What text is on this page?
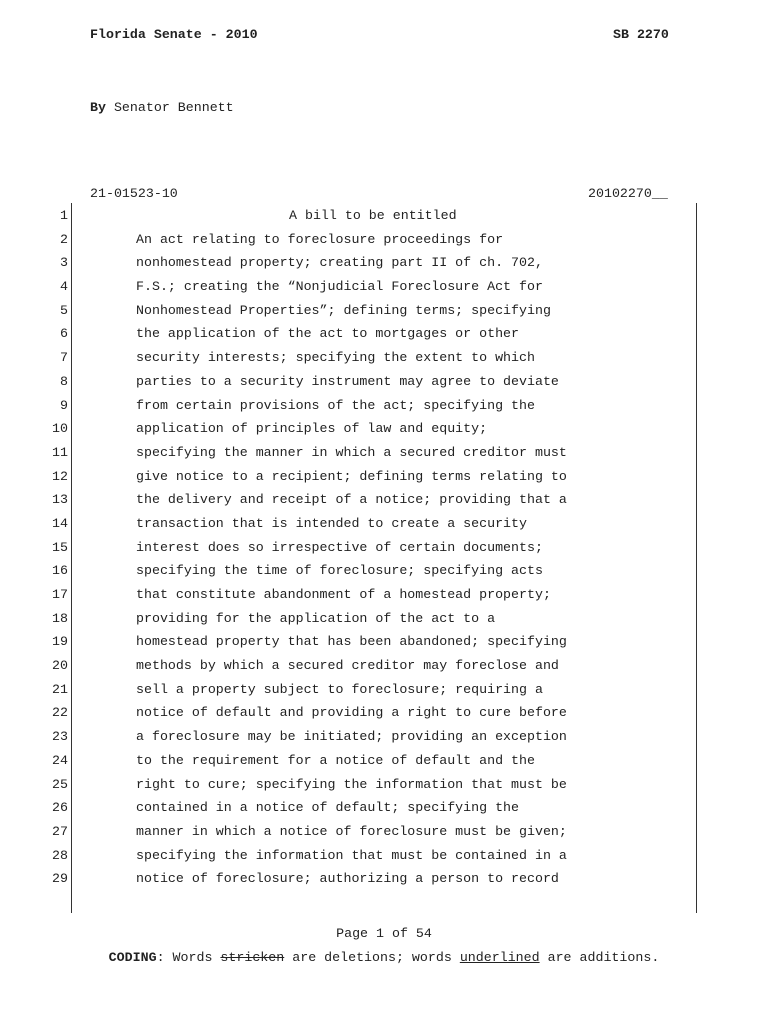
Florida Senate - 2010	SB 2270
By Senator Bennett
21-01523-10	20102270__
1	A bill to be entitled
2	An act relating to foreclosure proceedings for
3	nonhomestead property; creating part II of ch. 702,
4	F.S.; creating the “Nonjudicial Foreclosure Act for
5	Nonhomestead Properties”; defining terms; specifying
6	the application of the act to mortgages or other
7	security interests; specifying the extent to which
8	parties to a security instrument may agree to deviate
9	from certain provisions of the act; specifying the
10	application of principles of law and equity;
11	specifying the manner in which a secured creditor must
12	give notice to a recipient; defining terms relating to
13	the delivery and receipt of a notice; providing that a
14	transaction that is intended to create a security
15	interest does so irrespective of certain documents;
16	specifying the time of foreclosure; specifying acts
17	that constitute abandonment of a homestead property;
18	providing for the application of the act to a
19	homestead property that has been abandoned; specifying
20	methods by which a secured creditor may foreclose and
21	sell a property subject to foreclosure; requiring a
22	notice of default and providing a right to cure before
23	a foreclosure may be initiated; providing an exception
24	to the requirement for a notice of default and the
25	right to cure; specifying the information that must be
26	contained in a notice of default; specifying the
27	manner in which a notice of foreclosure must be given;
28	specifying the information that must be contained in a
29	notice of foreclosure; authorizing a person to record
Page 1 of 54
CODING: Words stricken are deletions; words underlined are additions.
